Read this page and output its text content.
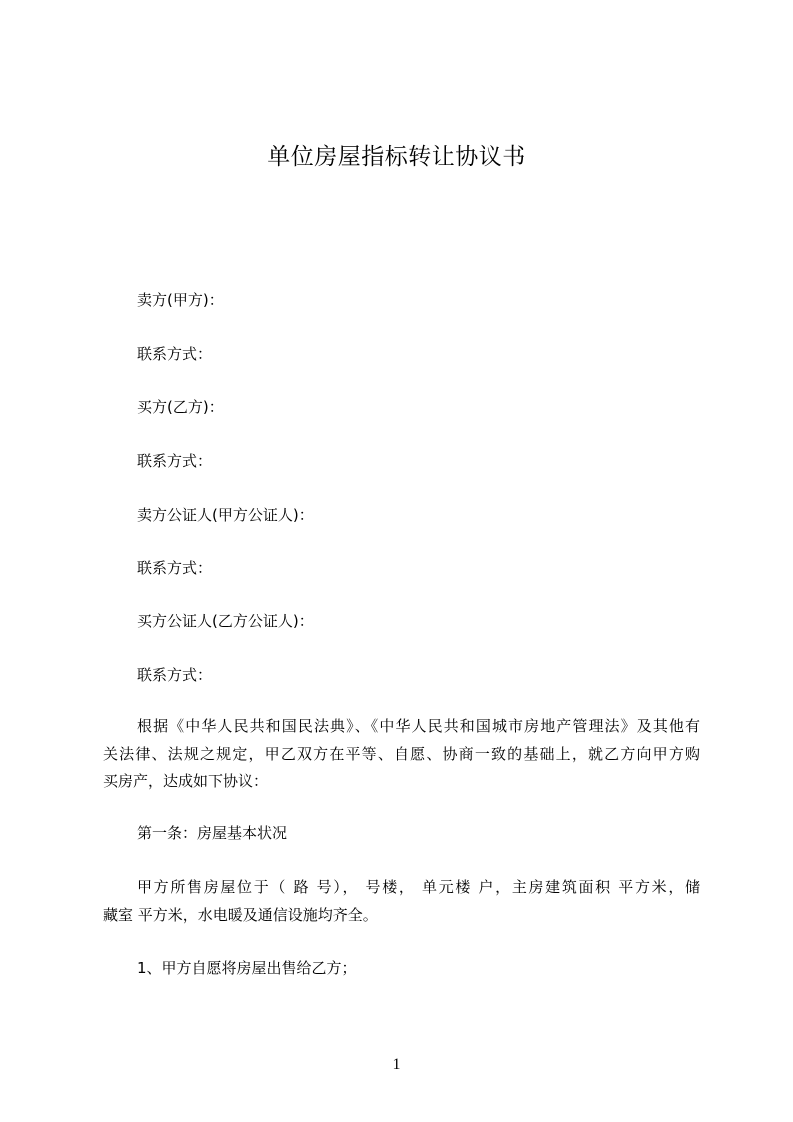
单位房屋指标转让协议书
卖方(甲方)：
联系方式：
买方(乙方)：
联系方式：
卖方公证人(甲方公证人)：
联系方式：
买方公证人(乙方公证人)：
联系方式：
根据《中华人民共和国民法典》、《中华人民共和国城市房地产管理法》及其他有
关法律、法规之规定，甲乙双方在平等、自愿、协商一致的基础上，就乙方向甲方购
买房产，达成如下协议：
第一条：房屋基本状况
甲方所售房屋位于（ 路 号）， 号楼， 单元楼 户，主房建筑面积 平方米，储
藏室 平方米，水电暖及通信设施均齐全。
1、甲方自愿将房屋出售给乙方；
1
